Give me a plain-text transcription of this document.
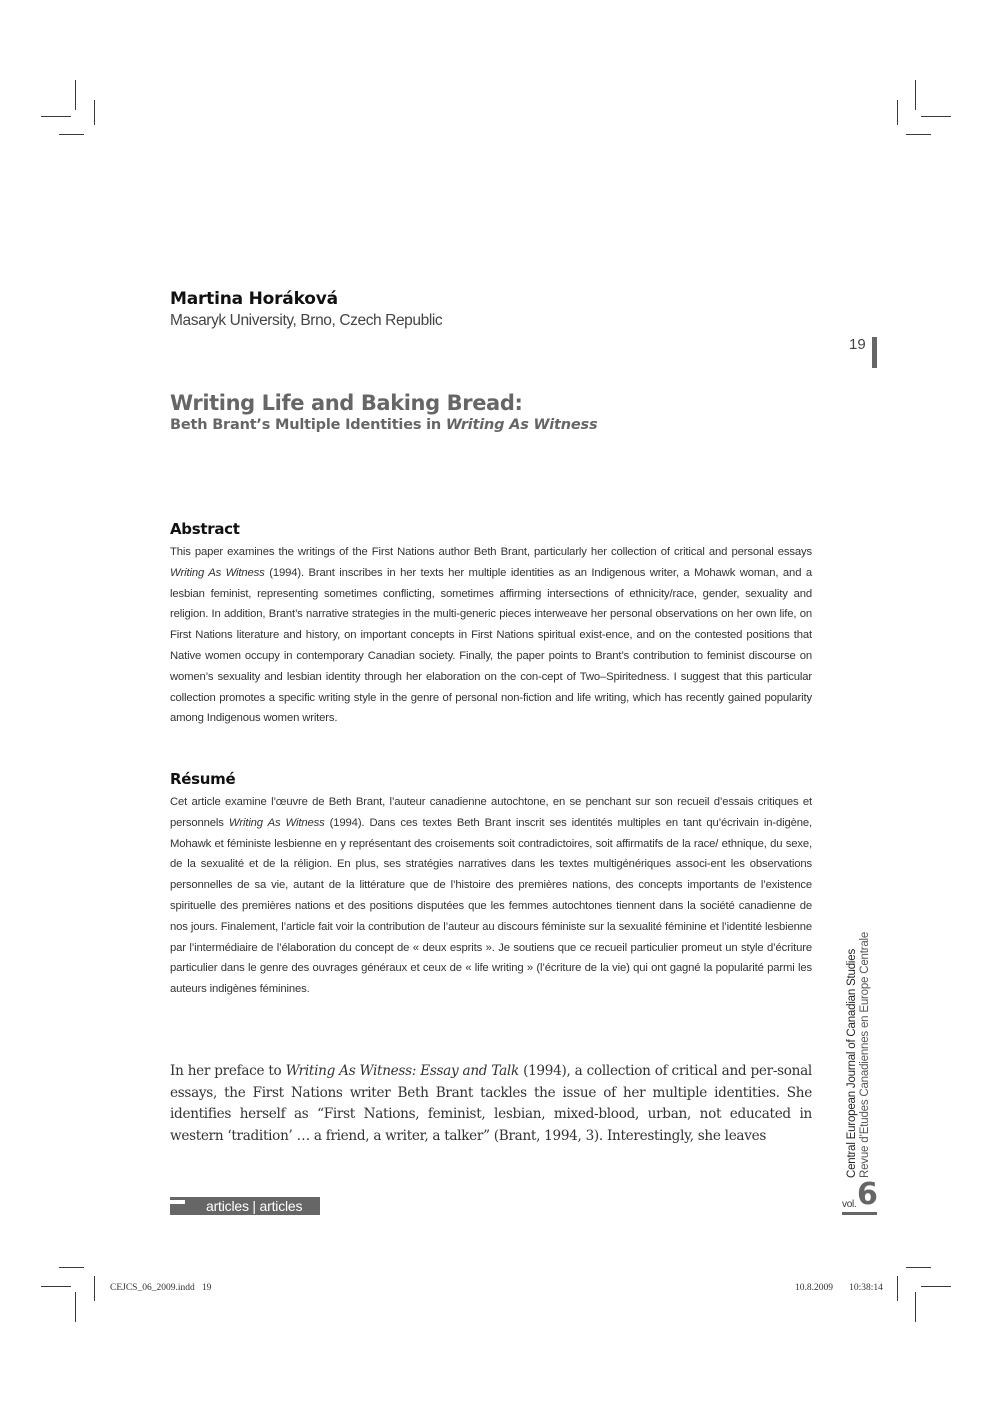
Martina Horáková
Masaryk University, Brno, Czech Republic
19
Writing Life and Baking Bread:
Beth Brant’s Multiple Identities in Writing As Witness
Abstract
This paper examines the writings of the First Nations author Beth Brant, particularly her collection of critical and personal essays Writing As Witness (1994). Brant inscribes in her texts her multiple identities as an Indigenous writer, a Mohawk woman, and a lesbian feminist, representing sometimes conflicting, sometimes affirming intersections of ethnicity/race, gender, sexuality and religion. In addition, Brant’s narrative strategies in the multi-generic pieces interweave her personal observations on her own life, on First Nations literature and history, on important concepts in First Nations spiritual exist-ence, and on the contested positions that Native women occupy in contemporary Canadian society. Finally, the paper points to Brant’s contribution to feminist discourse on women’s sexuality and lesbian identity through her elaboration on the con-cept of Two–Spiritedness. I suggest that this particular collection promotes a specific writing style in the genre of personal non-fiction and life writing, which has recently gained popularity among Indigenous women writers.
Résumé
Cet article examine l’œuvre de Beth Brant, l’auteur canadienne autochtone, en se penchant sur son recueil d’essais critiques et personnels Writing As Witness (1994). Dans ces textes Beth Brant inscrit ses identités multiples en tant qu’écrivain in-digène, Mohawk et féministe lesbienne en y représentant des croisements soit contradictoires, soit affirmatifs de la race/ ethnique, du sexe, de la sexualité et de la réligion. En plus, ses stratégies narratives dans les textes multigénériques associ-ent les observations personnelles de sa vie, autant de la littérature que de l’histoire des premières nations, des concepts importants de l’existence spirituelle des premières nations et des positions disputées que les femmes autochtones tiennent dans la société canadienne de nos jours. Finalement, l’article fait voir la contribution de l’auteur au discours féministe sur la sexualité féminine et l’identité lesbienne par l’intermédiaire de l’élaboration du concept de « deux esprits ». Je soutiens que ce recueil particulier promeut un style d’écriture particulier dans le genre des ouvrages généraux et ceux de « life writing » (l’écriture de la vie) qui ont gagné la popularité parmi les auteurs indigènes féminines.
In her preface to Writing As Witness: Essay and Talk (1994), a collection of critical and per-sonal essays, the First Nations writer Beth Brant tackles the issue of her multiple identities. She identifies herself as “First Nations, feminist, lesbian, mixed-blood, urban, not educated in western ‘tradition’ … a friend, a writer, a talker” (Brant, 1994, 3). Interestingly, she leaves
articles | articles
Central European Journal of Canadian Studies Revue d’Etudes Canadiennes en Europe Centrale
vol. 6
CEJCS_06_2009.indd   19	10.8.2009   10:38:14
